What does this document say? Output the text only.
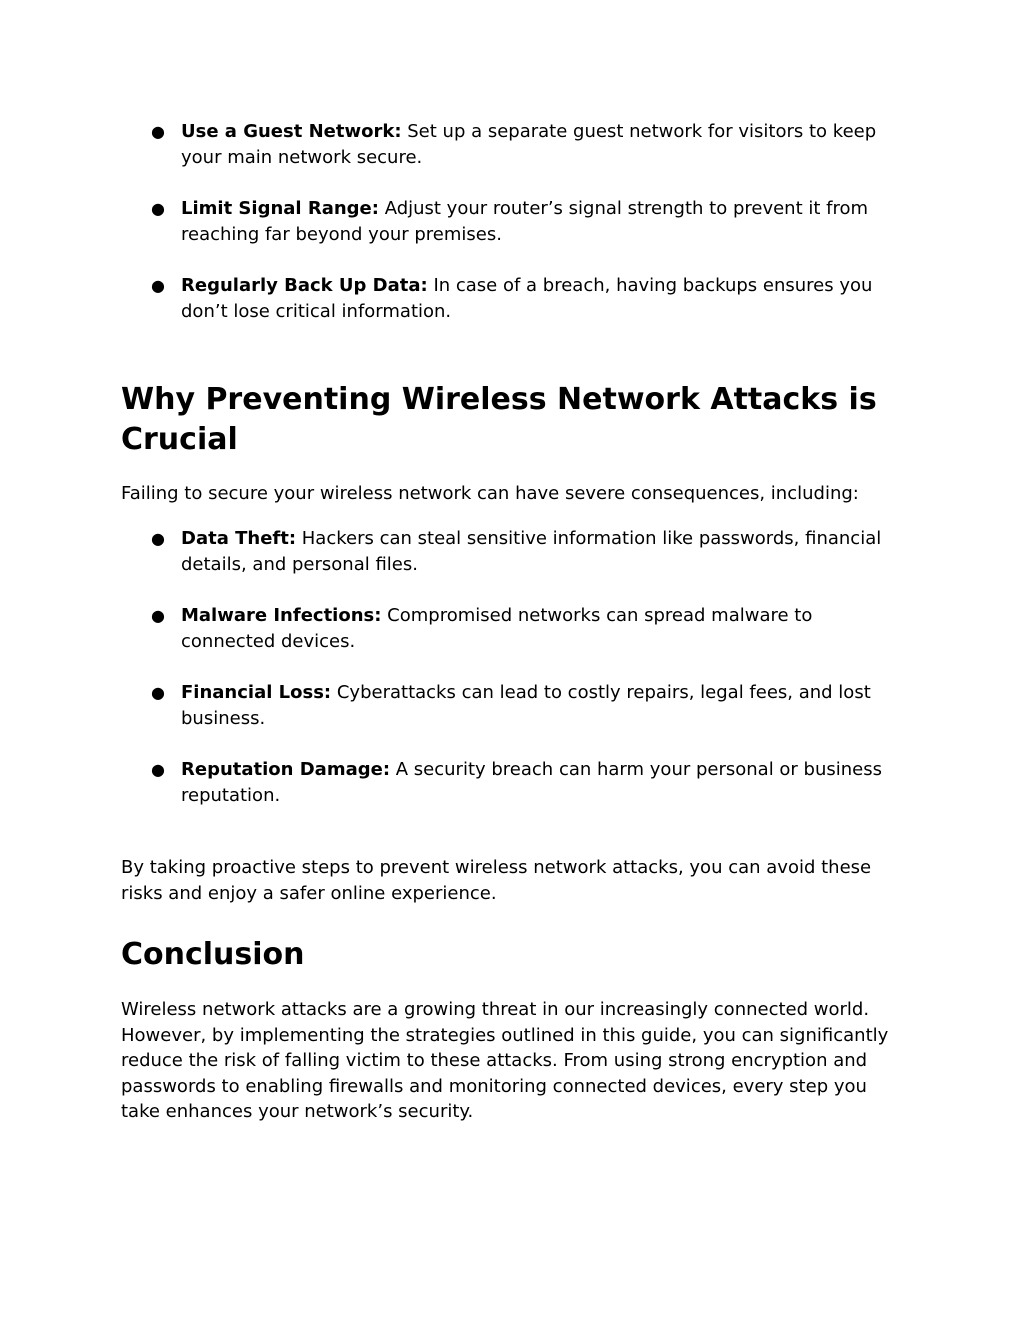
● Use a Guest Network: Set up a separate guest network for visitors to keep your main network secure.
● Limit Signal Range: Adjust your router’s signal strength to prevent it from reaching far beyond your premises.
● Regularly Back Up Data: In case of a breach, having backups ensures you don’t lose critical information.
Why Preventing Wireless Network Attacks is Crucial

Failing to secure your wireless network can have severe consequences, including:

● Data Theft: Hackers can steal sensitive information like passwords, financial details, and personal files.
● Malware Infections: Compromised networks can spread malware to connected devices.
● Financial Loss: Cyberattacks can lead to costly repairs, legal fees, and lost business.
● Reputation Damage: A security breach can harm your personal or business reputation.

By taking proactive steps to prevent wireless network attacks, you can avoid these risks and enjoy a safer online experience.

Conclusion

Wireless network attacks are a growing threat in our increasingly connected world. However, by implementing the strategies outlined in this guide, you can significantly reduce the risk of falling victim to these attacks. From using strong encryption and passwords to enabling firewalls and monitoring connected devices, every step you take enhances your network’s security.
